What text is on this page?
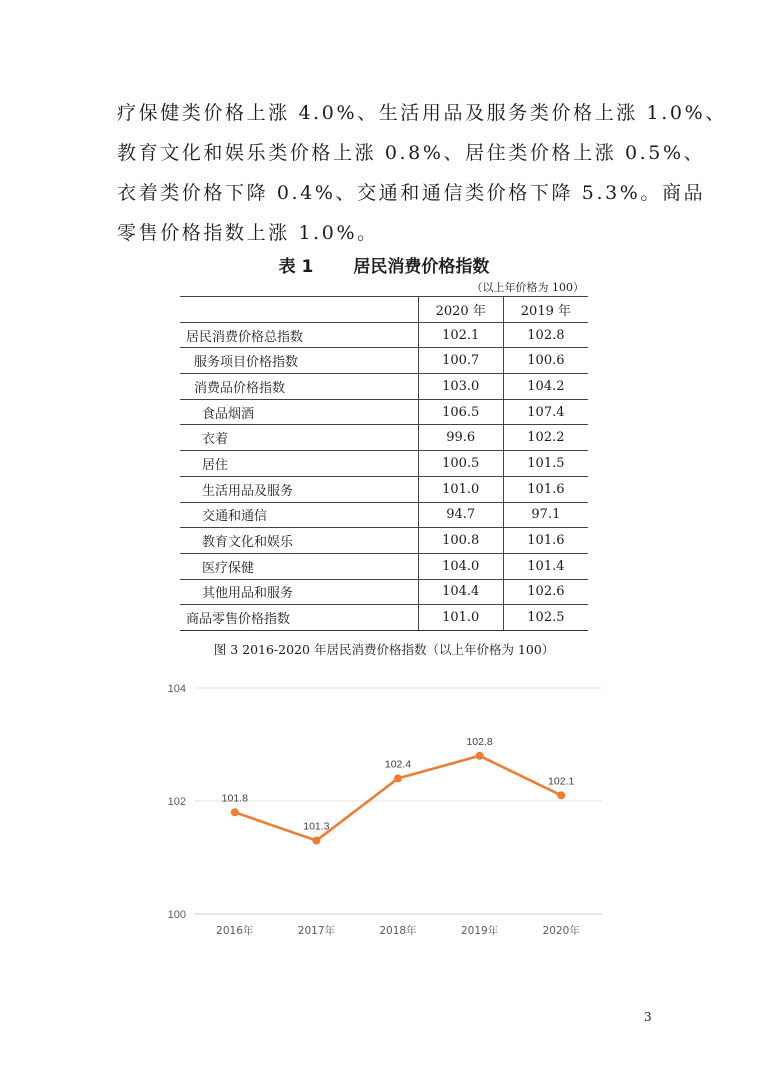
疗保健类价格上涨 4.0%、生活用品及服务类价格上涨 1.0%、
教育文化和娱乐类价格上涨 0.8%、居住类价格上涨 0.5%、
衣着类价格下降 0.4%、交通和通信类价格下降 5.3%。商品
零售价格指数上涨 1.0%。
表 1 居民消费价格指数
（以上年价格为 100）
	2020 年	2019 年
居民消费价格总指数	102.1	102.8
服务项目价格指数	100.7	100.6
消费品价格指数	103.0	104.2
食品烟酒	106.5	107.4
衣着	99.6	102.2
居住	100.5	101.5
生活用品及服务	101.0	101.6
交通和通信	94.7	97.1
教育文化和娱乐	100.8	101.6
医疗保健	104.0	101.4
其他用品和服务	104.4	102.6
商品零售价格指数	101.0	102.5
图 3 2016-2020 年居民消费价格指数（以上年价格为 100）
100
102
104
2016年	2017年	2018年	2019年	2020年
101.8
101.3
102.4
102.8
102.1
3
